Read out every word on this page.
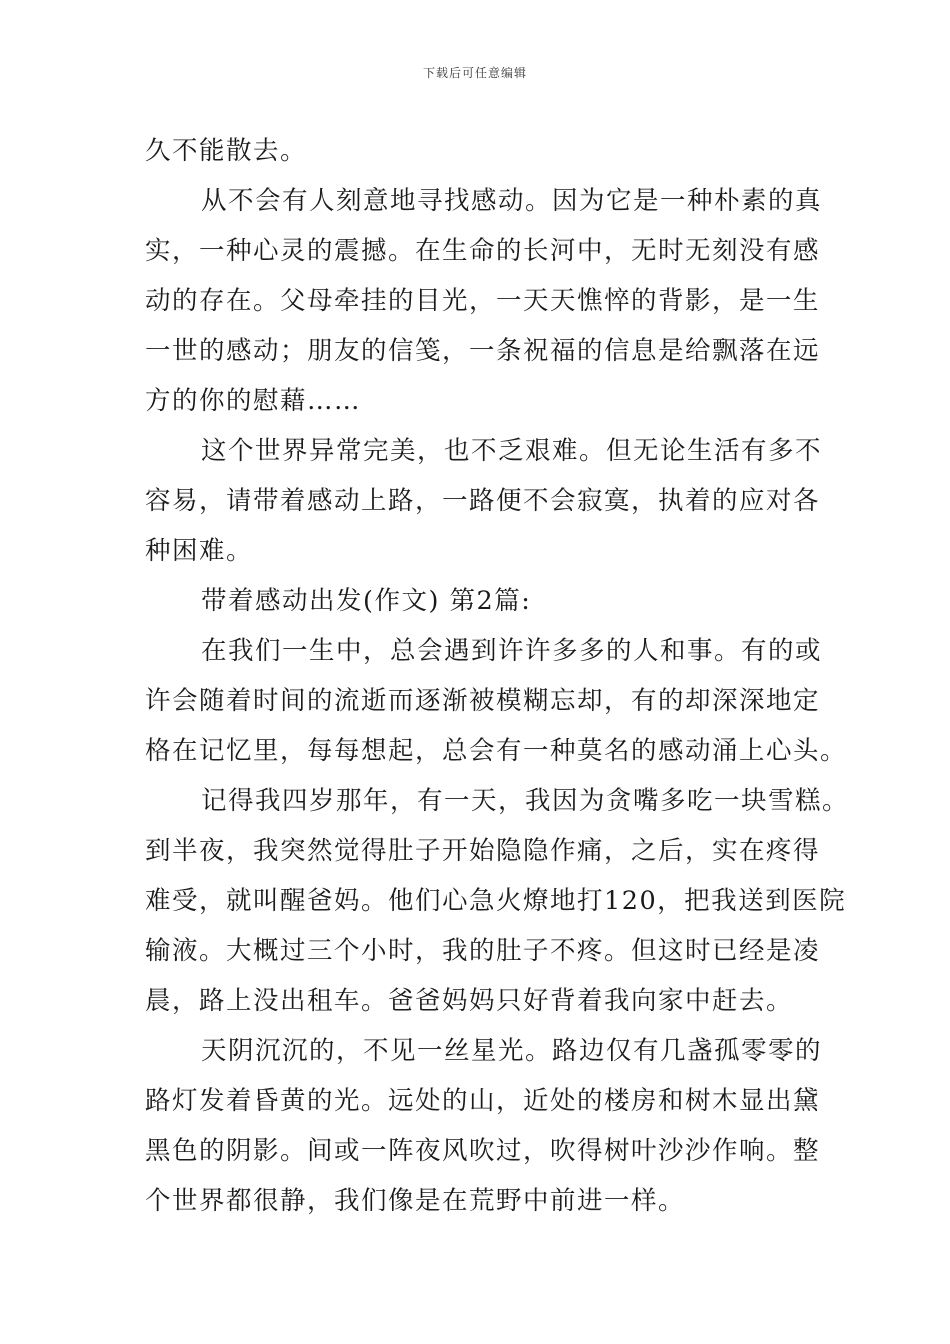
下载后可任意编辑
久不能散去。
从不会有人刻意地寻找感动。因为它是一种朴素的真
实，一种心灵的震撼。在生命的长河中，无时无刻没有感
动的存在。父母牵挂的目光，一天天憔悴的背影，是一生
一世的感动；朋友的信笺，一条祝福的信息是给飘落在远
方的你的慰藉……
这个世界异常完美，也不乏艰难。但无论生活有多不
容易，请带着感动上路，一路便不会寂寞，执着的应对各
种困难。
带着感动出发(作文) 第2篇:
在我们一生中，总会遇到许许多多的人和事。有的或
许会随着时间的流逝而逐渐被模糊忘却，有的却深深地定
格在记忆里，每每想起，总会有一种莫名的感动涌上心头。
记得我四岁那年，有一天，我因为贪嘴多吃一块雪糕。
到半夜，我突然觉得肚子开始隐隐作痛，之后，实在疼得
难受，就叫醒爸妈。他们心急火燎地打120，把我送到医院
输液。大概过三个小时，我的肚子不疼。但这时已经是凌
晨，路上没出租车。爸爸妈妈只好背着我向家中赶去。
天阴沉沉的，不见一丝星光。路边仅有几盏孤零零的
路灯发着昏黄的光。远处的山，近处的楼房和树木显出黛
黑色的阴影。间或一阵夜风吹过，吹得树叶沙沙作响。整
个世界都很静，我们像是在荒野中前进一样。
